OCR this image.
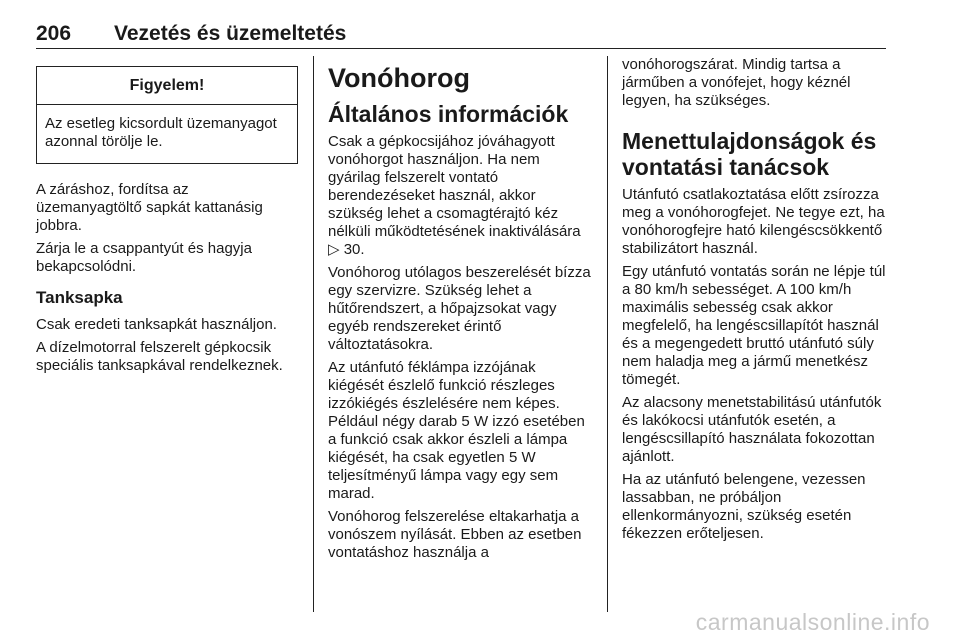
206 Vezetés és üzemeltetés
Figyelem!
Az esetleg kicsordult üzemanyagot azonnal törölje le.

A záráshoz, fordítsa az üzemanyagtöltő sapkát kattanásig jobbra.

Zárja le a csappantyút és hagyja bekapcsolódni.

Tanksapka

Csak eredeti tanksapkát használjon.

A dízelmotorral felszerelt gépkocsik speciális tanksapkával rendelkeznek.

Vonóhorog
Általános információk

Csak a gépkocsijához jóváhagyott vonóhorgot használjon. Ha nem gyárilag felszerelt vontató berendezéseket használ, akkor szükség lehet a csomagtérajtó kéz nélküli működtetésének inaktiválására ▷ 30.

Vonóhorog utólagos beszerelését bízza egy szervizre. Szükség lehet a hűtőrendszert, a hőpajzsokat vagy egyéb rendszereket érintő változtatásokra.

Az utánfutó féklámpa izzójának kiégését észlelő funkció részleges izzókiégés észlelésére nem képes. Például négy darab 5 W izzó esetében a funkció csak akkor észleli a lámpa kiégését, ha csak egyetlen 5 W teljesítményű lámpa vagy egy sem marad.

Vonóhorog felszerelése eltakarhatja a vonószem nyílását. Ebben az esetben vontatáshoz használja a

vonóhorogszárat. Mindig tartsa a járműben a vonófejet, hogy kéznél legyen, ha szükséges.

Menettulajdonságok és vontatási tanácsok

Utánfutó csatlakoztatása előtt zsírozza meg a vonóhorogfejet. Ne tegye ezt, ha vonóhorogfejre ható kilengéscsökkentő stabilizátort használ.

Egy utánfutó vontatás során ne lépje túl a 80 km/h sebességet. A 100 km/h maximális sebesség csak akkor megfelelő, ha lengéscsillapítót használ és a megengedett bruttó utánfutó súly nem haladja meg a jármű menetkész tömegét.

Az alacsony menetstabilitású utánfutók és lakókocsi utánfutók esetén, a lengéscsillapító használata fokozottan ajánlott.

Ha az utánfutó belengene, vezessen lassabban, ne próbáljon ellenkormányozni, szükség esetén fékezzen erőteljesen.

carmanualsonline.info
